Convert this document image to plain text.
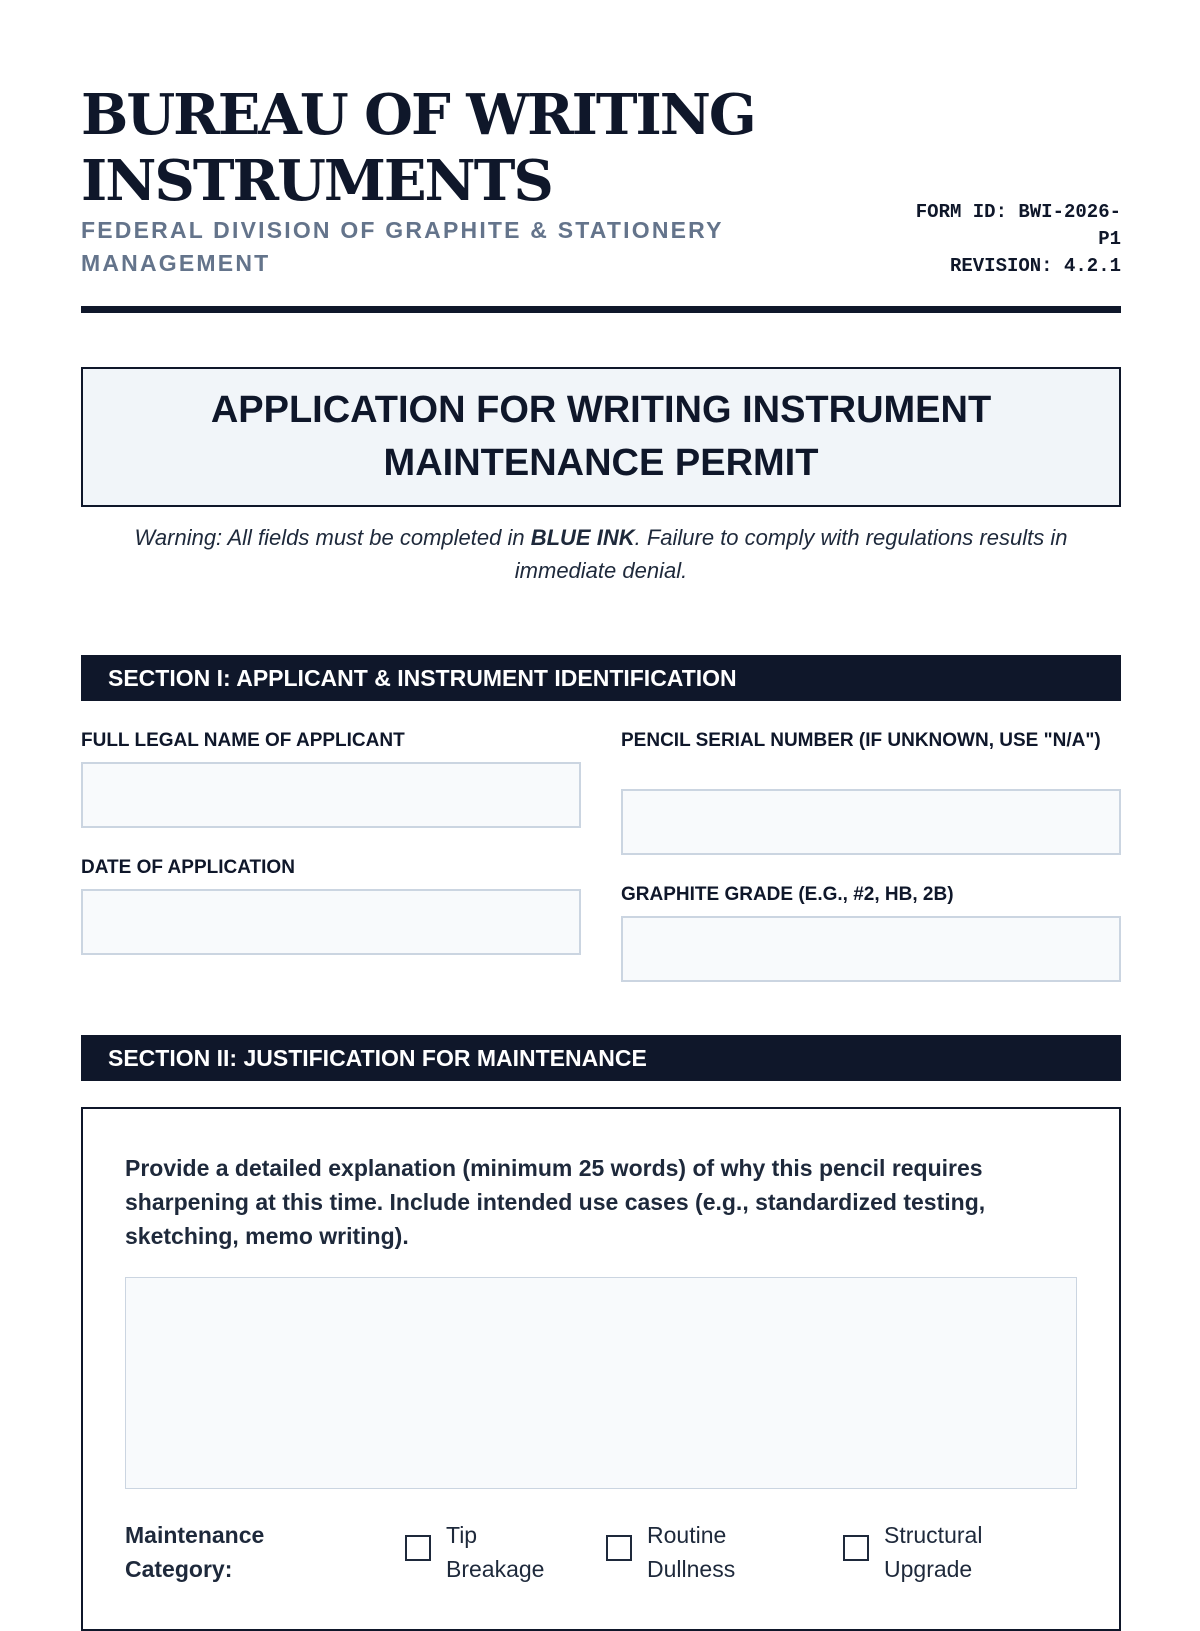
BUREAU OF WRITING INSTRUMENTS
FEDERAL DIVISION OF GRAPHITE & STATIONERY MANAGEMENT
FORM ID: BWI-2026-P1
REVISION: 4.2.1
APPLICATION FOR WRITING INSTRUMENT MAINTENANCE PERMIT
Warning: All fields must be completed in BLUE INK. Failure to comply with regulations results in immediate denial.
SECTION I: APPLICANT & INSTRUMENT IDENTIFICATION
FULL LEGAL NAME OF APPLICANT	PENCIL SERIAL NUMBER (IF UNKNOWN, USE "N/A")
DATE OF APPLICATION
GRAPHITE GRADE (E.G., #2, HB, 2B)
SECTION II: JUSTIFICATION FOR MAINTENANCE

Provide a detailed explanation (minimum 25 words) of why this pencil requires sharpening at this time. Include intended use cases (e.g., standardized testing, sketching, memo writing).

Maintenance Category:
Tip Breakage
Routine Dullness
Structural Upgrade
